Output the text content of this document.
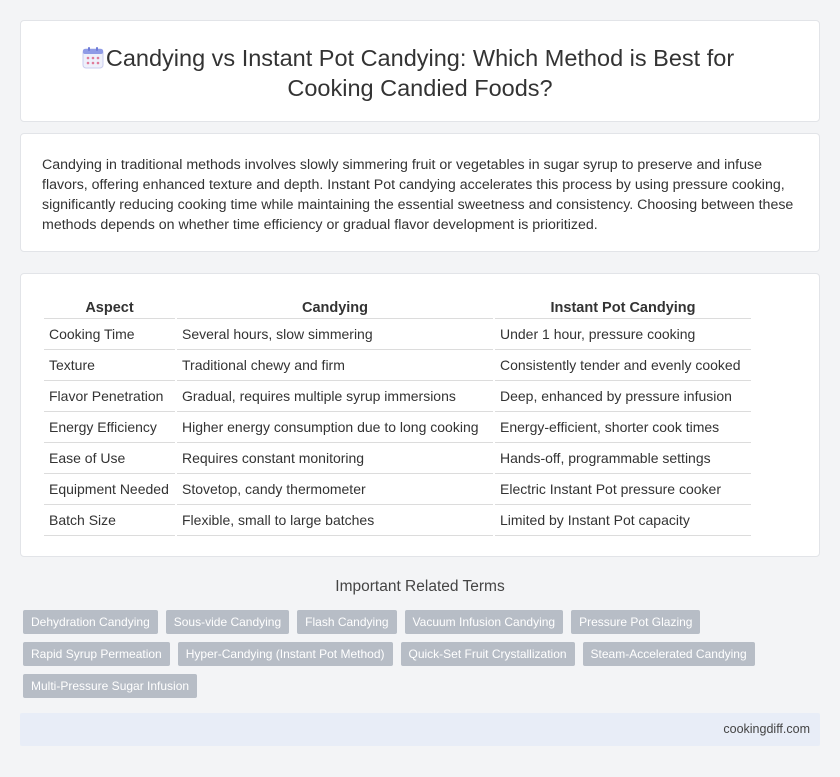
Candying vs Instant Pot Candying: Which Method is Best for
Cooking Candied Foods?

Candying in traditional methods involves slowly simmering fruit or vegetables in sugar syrup to preserve and infuse flavors, offering enhanced texture and depth. Instant Pot candying accelerates this process by using pressure cooking, significantly reducing cooking time while maintaining the essential sweetness and consistency. Choosing between these methods depends on whether time efficiency or gradual flavor development is prioritized.

Aspect	Candying	Instant Pot Candying
Cooking Time	Several hours, slow simmering	Under 1 hour, pressure cooking
Texture	Traditional chewy and firm	Consistently tender and evenly cooked
Flavor Penetration	Gradual, requires multiple syrup immersions	Deep, enhanced by pressure infusion
Energy Efficiency	Higher energy consumption due to long cooking	Energy-efficient, shorter cook times
Ease of Use	Requires constant monitoring	Hands-off, programmable settings
Equipment Needed	Stovetop, candy thermometer	Electric Instant Pot pressure cooker
Batch Size	Flexible, small to large batches	Limited by Instant Pot capacity
Important Related Terms
Dehydration Candying	Sous-vide Candying	Flash Candying	Vacuum Infusion Candying	Pressure Pot Glazing
Rapid Syrup Permeation	Hyper-Candying (Instant Pot Method)	Quick-Set Fruit Crystallization	Steam-Accelerated Candying
Multi-Pressure Sugar Infusion
cookingdiff.com
